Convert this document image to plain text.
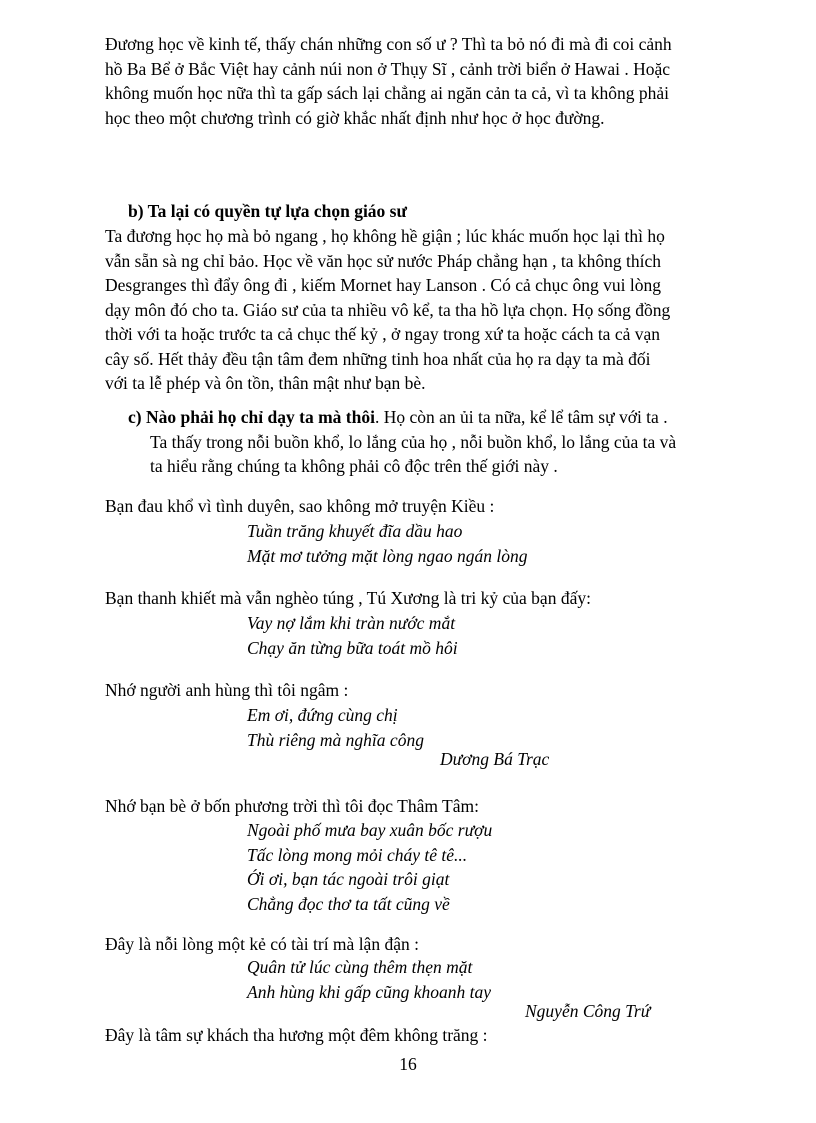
Đương học về kinh tế, thấy chán những con số ư ? Thì ta bỏ nó đi mà đi coi cảnh
hồ Ba Bể ở Bắc Việt hay cảnh núi non ở Thụy Sĩ , cảnh trời biển ở Hawai . Hoặc
không muốn học nữa thì ta gấp sách lại chẳng ai ngăn cản ta cả, vì ta không phải
học theo một chương trình có giờ khắc nhất định như học ở học đường.
b) Ta lại có quyền tự lựa chọn giáo sư
Ta đương học họ mà bỏ ngang , họ không hề giận ; lúc khác muốn học lại thì họ
vẫn sẵn sà ng chỉ bảo. Học về văn học sử nước Pháp chẳng hạn , ta không thích
Desgranges thì đẩy ông đi , kiếm Mornet hay Lanson . Có cả chục ông vui lòng
dạy môn đó cho ta. Giáo sư của ta nhiều vô kể, ta tha hồ lựa chọn. Họ sống đồng
thời với ta hoặc trước ta cả chục thế kỷ , ở ngay trong xứ ta hoặc cách ta cả vạn
cây số. Hết thảy đều tận tâm đem những tinh hoa nhất của họ ra dạy ta mà đối
với ta lễ phép và ôn tồn, thân mật như bạn bè.
c) Nào phải họ chỉ dạy ta mà thôi. Họ còn an ủi ta nữa, kể lể tâm sự với ta .
Ta thấy trong nỗi buồn khổ, lo lắng của họ , nỗi buồn khổ, lo lắng của ta và
ta hiểu rằng chúng ta không phải cô độc trên thế giới này .
Bạn đau khổ vì tình duyên, sao không mở truyện Kiều :
Tuần trăng khuyết đĩa dầu hao
Mặt mơ tưởng mặt lòng ngao ngán lòng
Bạn thanh khiết mà vẫn nghèo túng , Tú Xương là tri kỷ của bạn đấy:
Vay nợ lắm khi tràn nước mắt
Chạy ăn từng bữa toát mồ hôi
Nhớ người anh hùng thì tôi ngâm :
Em ơi, đứng cùng chị
Thù riêng mà nghĩa công
Dương Bá Trạc
Nhớ bạn bè ở bốn phương trời thì tôi đọc Thâm Tâm:
Ngoài phố mưa bay xuân bốc rượu
Tấc lòng mong mỏi cháy tê tê...
Ới ơi, bạn tác ngoài trôi giạt
Chẳng đọc thơ ta tất cũng về
Đây là nỗi lòng một kẻ có tài trí mà lận đận :
Quân tử lúc cùng thêm thẹn mặt
Anh hùng khi gấp cũng khoanh tay
Nguyễn Công Trứ
Đây là tâm sự khách tha hương một đêm không trăng :
16
